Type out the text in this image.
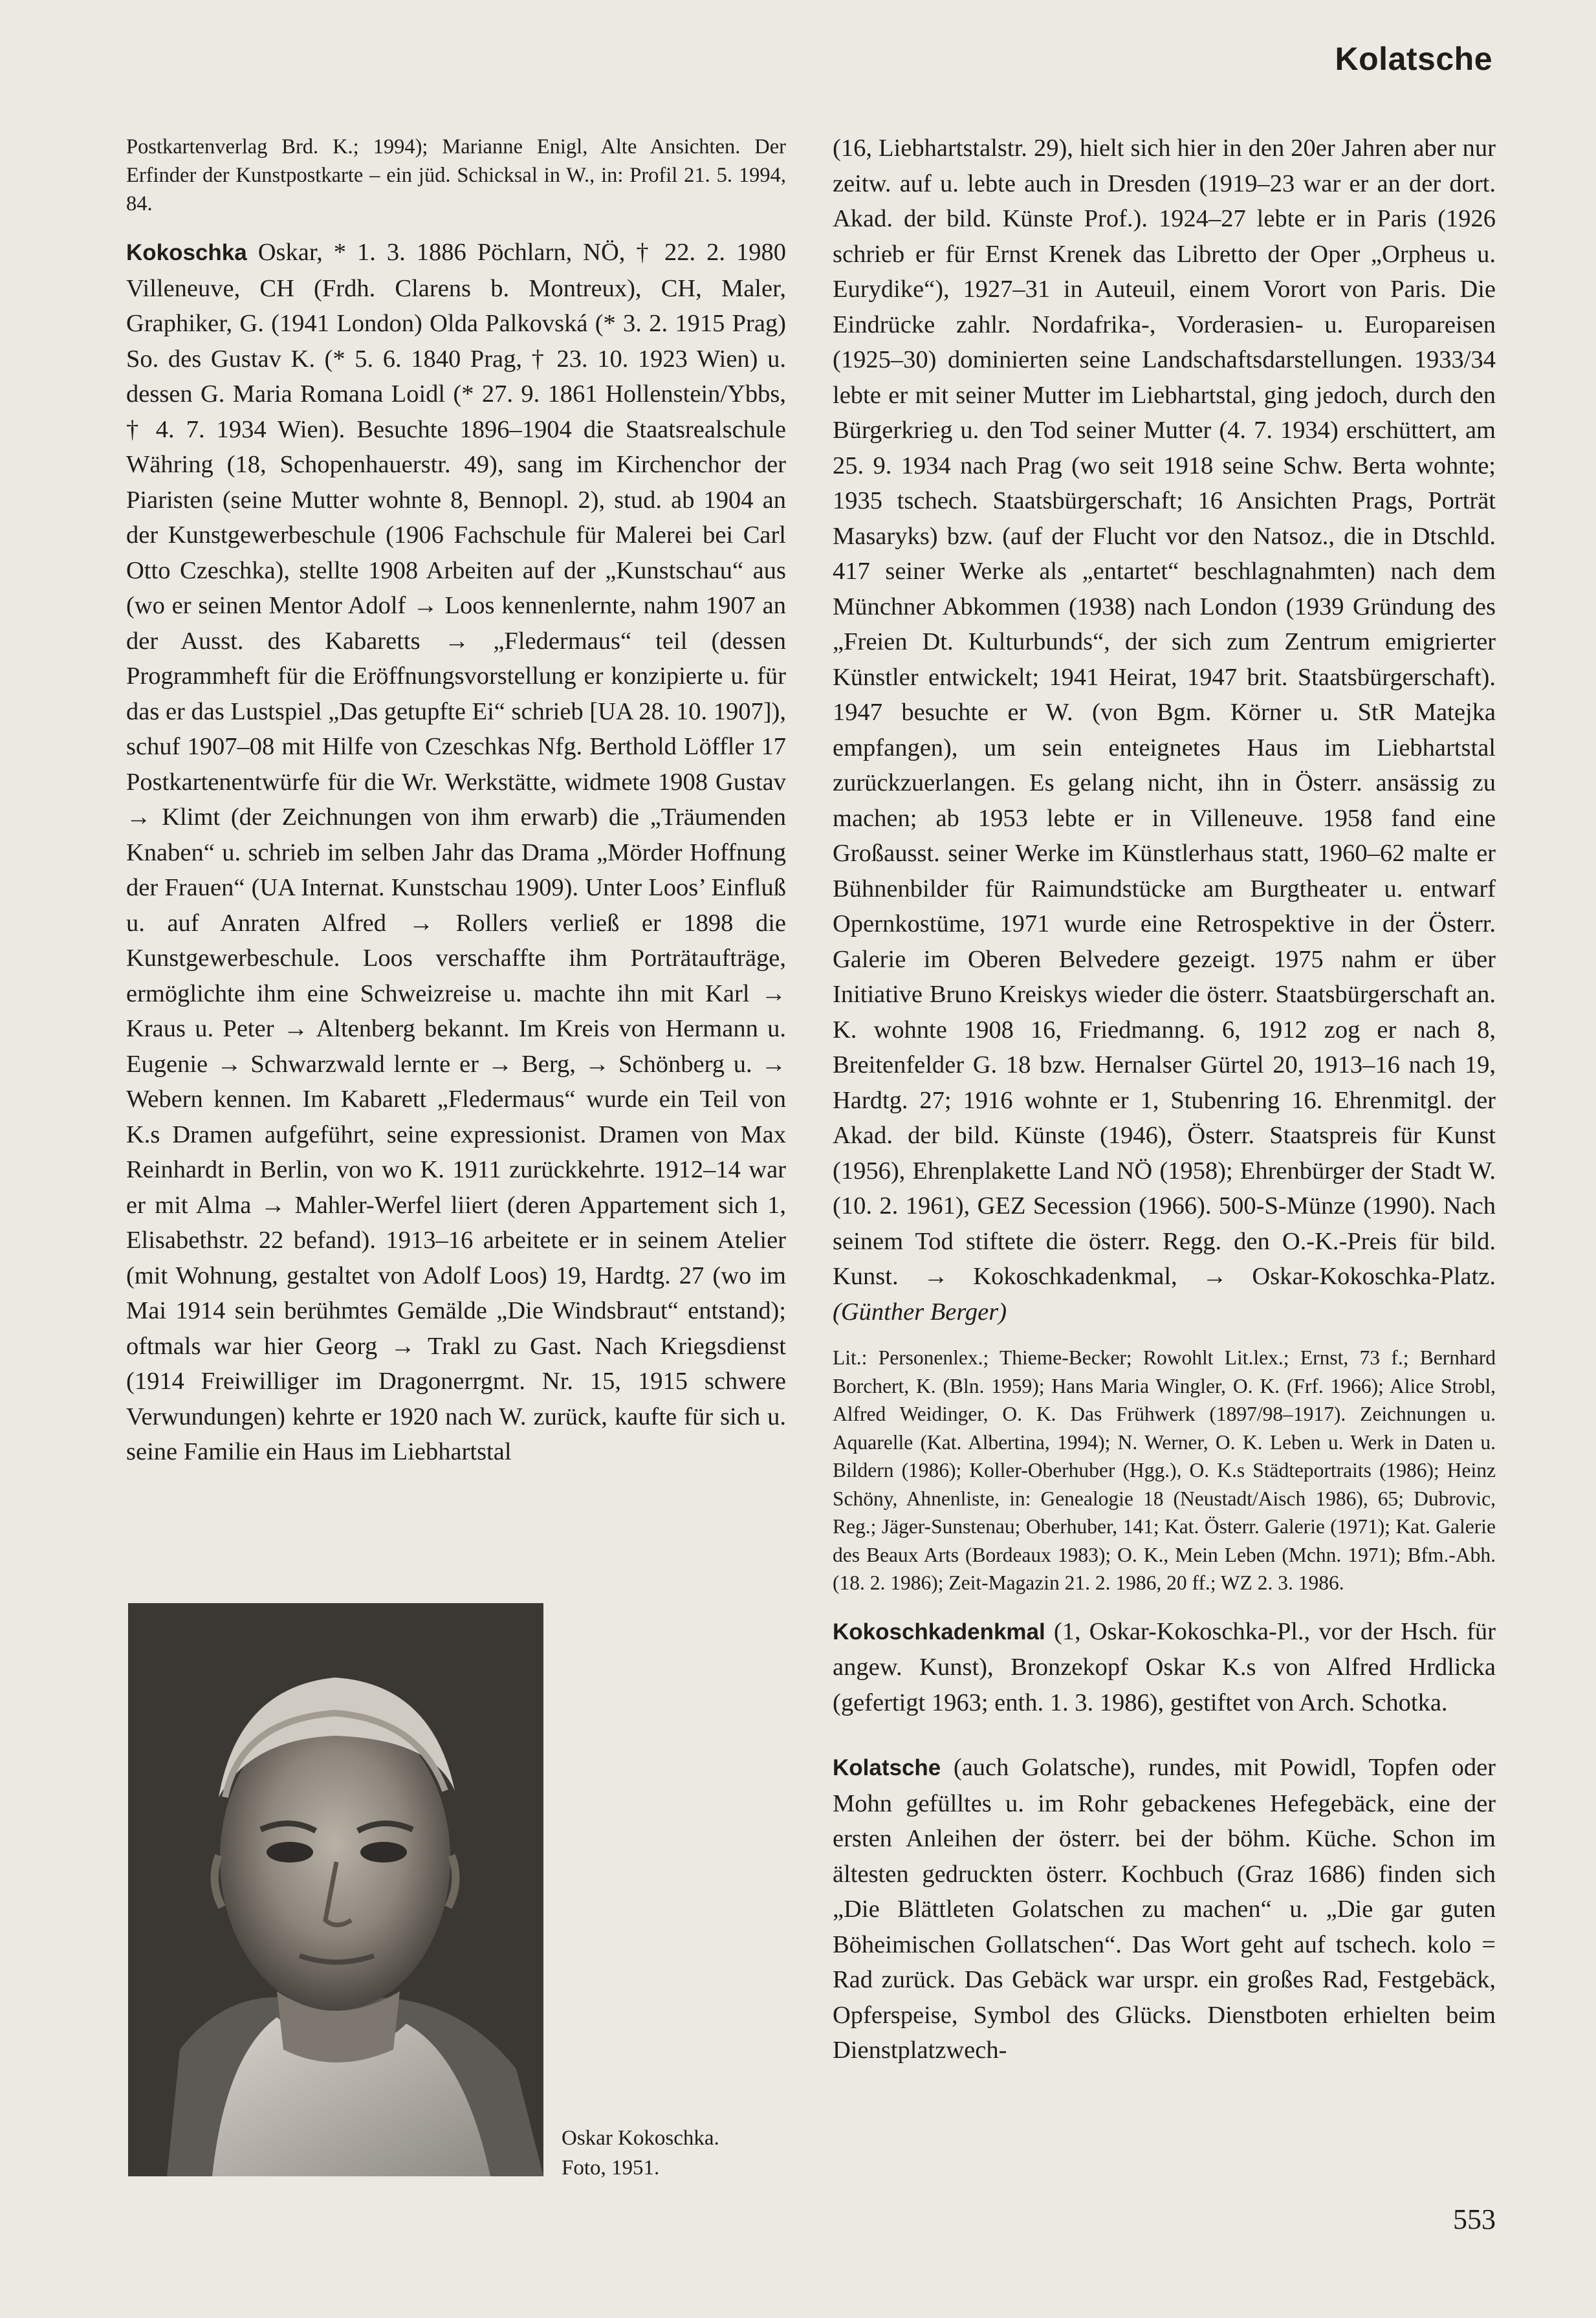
Kolatsche

Postkartenverlag Brd. K.; 1994); Marianne Enigl, Alte Ansichten. Der Erfinder der Kunstpostkarte – ein jüd. Schicksal in W., in: Profil 21. 5. 1994, 84.

Kokoschka Oskar, * 1. 3. 1886 Pöchlarn, NÖ, † 22. 2. 1980 Villeneuve, CH (Frdh. Clarens b. Montreux), CH, Maler, Graphiker, G. (1941 London) Olda Palkovská (* 3. 2. 1915 Prag) So. des Gustav K. (* 5. 6. 1840 Prag, † 23. 10. 1923 Wien) u. dessen G. Maria Romana Loidl (* 27. 9. 1861 Hollenstein/Ybbs, † 4. 7. 1934 Wien). Besuchte 1896–1904 die Staatsrealschule Währing (18, Schopenhauerstr. 49), sang im Kirchenchor der Piaristen (seine Mutter wohnte 8, Bennopl. 2), stud. ab 1904 an der Kunstgewerbeschule (1906 Fachschule für Malerei bei Carl Otto Czeschka), stellte 1908 Arbeiten auf der „Kunstschau“ aus (wo er seinen Mentor Adolf → Loos kennenlernte, nahm 1907 an der Ausst. des Kabaretts → „Fledermaus“ teil (dessen Programmheft für die Eröffnungsvorstellung er konzipierte u. für das er das Lustspiel „Das getupfte Ei“ schrieb [UA 28. 10. 1907]), schuf 1907–08 mit Hilfe von Czeschkas Nfg. Berthold Löffler 17 Postkartenentwürfe für die Wr. Werkstätte, widmete 1908 Gustav → Klimt (der Zeichnungen von ihm erwarb) die „Träumenden Knaben“ u. schrieb im selben Jahr das Drama „Mörder Hoffnung der Frauen“ (UA Internat. Kunstschau 1909). Unter Loos’ Einfluß u. auf Anraten Alfred → Rollers verließ er 1898 die Kunstgewerbeschule. Loos verschaffte ihm Porträtaufträge, ermöglichte ihm eine Schweizreise u. machte ihn mit Karl → Kraus u. Peter → Altenberg bekannt. Im Kreis von Hermann u. Eugenie → Schwarzwald lernte er → Berg, → Schönberg u. → Webern kennen. Im Kabarett „Fledermaus“ wurde ein Teil von K.s Dramen aufgeführt, seine expressionist. Dramen von Max Reinhardt in Berlin, von wo K. 1911 zurückkehrte. 1912–14 war er mit Alma → Mahler-Werfel liiert (deren Appartement sich 1, Elisabethstr. 22 befand). 1913–16 arbeitete er in seinem Atelier (mit Wohnung, gestaltet von Adolf Loos) 19, Hardtg. 27 (wo im Mai 1914 sein berühmtes Gemälde „Die Windsbraut“ entstand); oftmals war hier Georg → Trakl zu Gast. Nach Kriegsdienst (1914 Freiwilliger im Dragonerrgmt. Nr. 15, 1915 schwere Verwundungen) kehrte er 1920 nach W. zurück, kaufte für sich u. seine Familie ein Haus im Liebhartstal

Oskar Kokoschka.
Foto, 1951.

(16, Liebhartstalstr. 29), hielt sich hier in den 20er Jahren aber nur zeitw. auf u. lebte auch in Dresden (1919–23 war er an der dort. Akad. der bild. Künste Prof.). 1924–27 lebte er in Paris (1926 schrieb er für Ernst Krenek das Libretto der Oper „Orpheus u. Eurydike“), 1927–31 in Auteuil, einem Vorort von Paris. Die Eindrücke zahlr. Nordafrika-, Vorderasien- u. Europareisen (1925–30) dominierten seine Landschaftsdarstellungen. 1933/34 lebte er mit seiner Mutter im Liebhartstal, ging jedoch, durch den Bürgerkrieg u. den Tod seiner Mutter (4. 7. 1934) erschüttert, am 25. 9. 1934 nach Prag (wo seit 1918 seine Schw. Berta wohnte; 1935 tschech. Staatsbürgerschaft; 16 Ansichten Prags, Porträt Masaryks) bzw. (auf der Flucht vor den Natsoz., die in Dtschld. 417 seiner Werke als „entartet“ beschlagnahmten) nach dem Münchner Abkommen (1938) nach London (1939 Gründung des „Freien Dt. Kulturbunds“, der sich zum Zentrum emigrierter Künstler entwickelt; 1941 Heirat, 1947 brit. Staatsbürgerschaft). 1947 besuchte er W. (von Bgm. Körner u. StR Matejka empfangen), um sein enteignetes Haus im Liebhartstal zurückzuerlangen. Es gelang nicht, ihn in Österr. ansässig zu machen; ab 1953 lebte er in Villeneuve. 1958 fand eine Großausst. seiner Werke im Künstlerhaus statt, 1960–62 malte er Bühnenbilder für Raimundstücke am Burgtheater u. entwarf Opernkostüme, 1971 wurde eine Retrospektive in der Österr. Galerie im Oberen Belvedere gezeigt. 1975 nahm er über Initiative Bruno Kreiskys wieder die österr. Staatsbürgerschaft an. K. wohnte 1908 16, Friedmanng. 6, 1912 zog er nach 8, Breitenfelder G. 18 bzw. Hernalser Gürtel 20, 1913–16 nach 19, Hardtg. 27; 1916 wohnte er 1, Stubenring 16. Ehrenmitgl. der Akad. der bild. Künste (1946), Österr. Staatspreis für Kunst (1956), Ehrenplakette Land NÖ (1958); Ehrenbürger der Stadt W. (10. 2. 1961), GEZ Secession (1966). 500-S-Münze (1990). Nach seinem Tod stiftete die österr. Regg. den O.-K.-Preis für bild. Kunst. → Kokoschkadenkmal, → Oskar-Kokoschka-Platz. (Günther Berger)

Lit.: Personenlex.; Thieme-Becker; Rowohlt Lit.lex.; Ernst, 73 f.; Bernhard Borchert, K. (Bln. 1959); Hans Maria Wingler, O. K. (Frf. 1966); Alice Strobl, Alfred Weidinger, O. K. Das Frühwerk (1897/98–1917). Zeichnungen u. Aquarelle (Kat. Albertina, 1994); N. Werner, O. K. Leben u. Werk in Daten u. Bildern (1986); Koller-Oberhuber (Hgg.), O. K.s Städteportraits (1986); Heinz Schöny, Ahnenliste, in: Genealogie 18 (Neustadt/Aisch 1986), 65; Dubrovic, Reg.; Jäger-Sunstenau; Oberhuber, 141; Kat. Österr. Galerie (1971); Kat. Galerie des Beaux Arts (Bordeaux 1983); O. K., Mein Leben (Mchn. 1971); Bfm.-Abh. (18. 2. 1986); Zeit-Magazin 21. 2. 1986, 20 ff.; WZ 2. 3. 1986.

Kokoschkadenkmal (1, Oskar-Kokoschka-Pl., vor der Hsch. für angew. Kunst), Bronzekopf Oskar K.s von Alfred Hrdlicka (gefertigt 1963; enth. 1. 3. 1986), gestiftet von Arch. Schotka.

Kolatsche (auch Golatsche), rundes, mit Powidl, Topfen oder Mohn gefülltes u. im Rohr gebackenes Hefegebäck, eine der ersten Anleihen der österr. bei der böhm. Küche. Schon im ältesten gedruckten österr. Kochbuch (Graz 1686) finden sich „Die Blättleten Golatschen zu machen“ u. „Die gar guten Böheimischen Gollatschen“. Das Wort geht auf tschech. kolo = Rad zurück. Das Gebäck war urspr. ein großes Rad, Festgebäck, Opferspeise, Symbol des Glücks. Dienstboten erhielten beim Dienstplatzwech-

553
